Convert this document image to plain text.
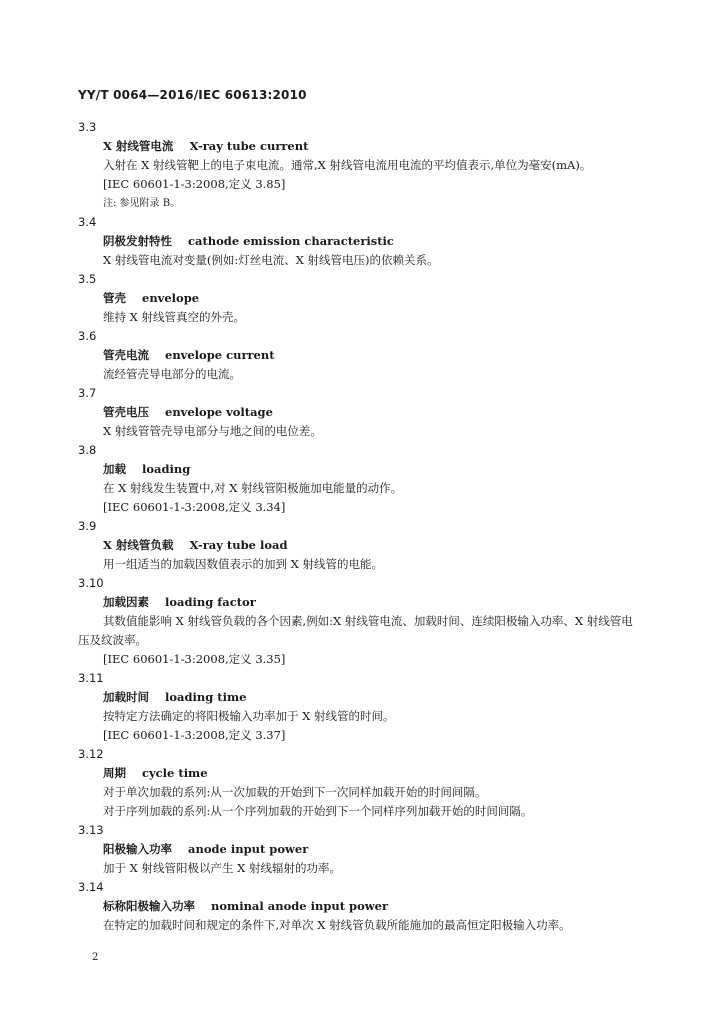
YY/T 0064—2016/IEC 60613:2010
3.3
X 射线管电流 X-ray tube current
入射在 X 射线管靶上的电子束电流。通常,X 射线管电流用电流的平均值表示,单位为毫安(mA)。
[IEC 60601-1-3:2008,定义 3.85]
注: 参见附录 B。
3.4
阴极发射特性 cathode emission characteristic
X 射线管电流对变量(例如:灯丝电流、X 射线管电压)的依赖关系。
3.5
管壳 envelope
维持 X 射线管真空的外壳。
3.6
管壳电流 envelope current
流经管壳导电部分的电流。
3.7
管壳电压 envelope voltage
X 射线管管壳导电部分与地之间的电位差。
3.8
加载 loading
在 X 射线发生装置中,对 X 射线管阳极施加电能量的动作。
[IEC 60601-1-3:2008,定义 3.34]
3.9
X 射线管负载 X-ray tube load
用一组适当的加载因数值表示的加到 X 射线管的电能。
3.10
加载因素 loading factor
其数值能影响 X 射线管负载的各个因素,例如:X 射线管电流、加载时间、连续阳极输入功率、X 射线管电压及纹波率。
[IEC 60601-1-3:2008,定义 3.35]
3.11
加载时间 loading time
按特定方法确定的将阳极输入功率加于 X 射线管的时间。
[IEC 60601-1-3:2008,定义 3.37]
3.12
周期 cycle time
对于单次加载的系列:从一次加载的开始到下一次同样加载开始的时间间隔。
对于序列加载的系列:从一个序列加载的开始到下一个同样序列加载开始的时间间隔。
3.13
阳极输入功率 anode input power
加于 X 射线管阳极以产生 X 射线辐射的功率。
3.14
标称阳极输入功率 nominal anode input power
在特定的加载时间和规定的条件下,对单次 X 射线管负载所能施加的最高恒定阳极输入功率。
2
